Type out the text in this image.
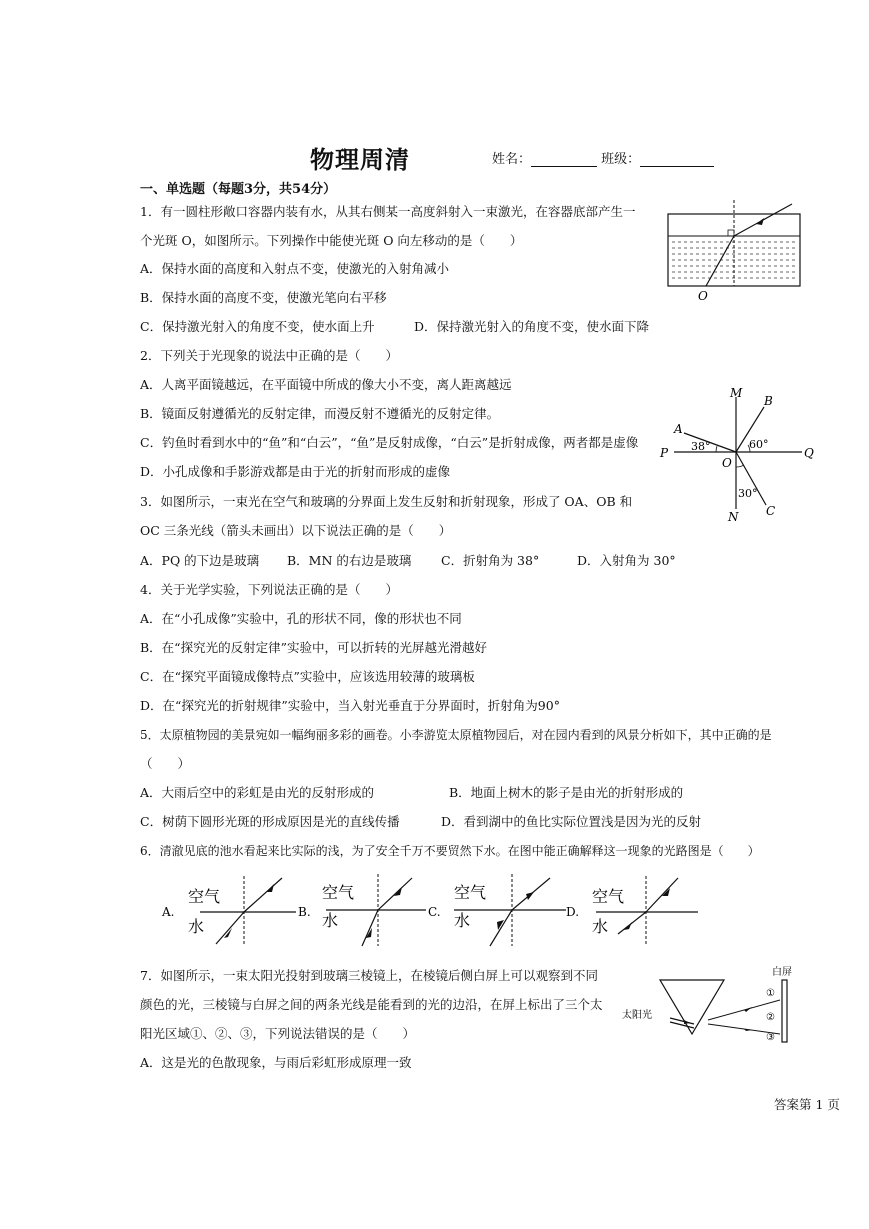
物理周清	姓名：	班级：
一、单选题（每题3分，共54分）
1．有一圆柱形敞口容器内装有水，从其右侧某一高度斜射入一束激光，在容器底部产生一
个光斑 O，如图所示。下列操作中能使光斑 O 向左移动的是（　　）
A．保持水面的高度和入射点不变，使激光的入射角减小
B．保持水面的高度不变，使激光笔向右平移
C．保持激光射入的角度不变，使水面上升	D．保持激光射入的角度不变，使水面下降
O
2．下列关于光现象的说法中正确的是（　　）
A．人离平面镜越远，在平面镜中所成的像大小不变，离人距离越远
B．镜面反射遵循光的反射定律，而漫反射不遵循光的反射定律。
C．钓鱼时看到水中的“鱼”和“白云”，“鱼”是反射成像，“白云”是折射成像，两者都是虚像
D．小孔成像和手影游戏都是由于光的折射而形成的虚像
M
B
A
P	Q
O
38°	60°
30°
N C
3．如图所示，一束光在空气和玻璃的分界面上发生反射和折射现象，形成了 OA、OB 和
OC 三条光线（箭头未画出）以下说法正确的是（　　）
A．PQ 的下边是玻璃 B．MN 的右边是玻璃 C．折射角为 38°	D．入射角为 30°
4．关于光学实验，下列说法正确的是（　　）
A．在“小孔成像”实验中，孔的形状不同，像的形状也不同
B．在“探究光的反射定律”实验中，可以折转的光屏越光滑越好
C．在“探究平面镜成像特点”实验中，应该选用较薄的玻璃板
D．在“探究光的折射规律”实验中，当入射光垂直于分界面时，折射角为90°
5．太原植物园的美景宛如一幅绚丽多彩的画卷。小李游览太原植物园后，对在园内看到的风景分析如下，其中正确的是
（　　）
A．大雨后空中的彩虹是由光的反射形成的	B．地面上树木的影子是由光的折射形成的
C．树荫下圆形光斑的形成原因是光的直线传播	D．看到湖中的鱼比实际位置浅是因为光的反射
6．清澈见底的池水看起来比实际的浅，为了安全千万不要贸然下水。在图中能正确解释这一现象的光路图是（　　）
A.
空气
水
B.
空气
水	C.
空气
水	D.
空气
水
7．如图所示，一束太阳光投射到玻璃三棱镜上，在棱镜后侧白屏上可以观察到不同
颜色的光，三棱镜与白屏之间的两条光线是能看到的光的边沿，在屏上标出了三个太
阳光区域①、②、③，下列说法错误的是（　　）
A．这是光的色散现象，与雨后彩虹形成原理一致
白屏
太阳光
①
②
③
答案第 1 页
